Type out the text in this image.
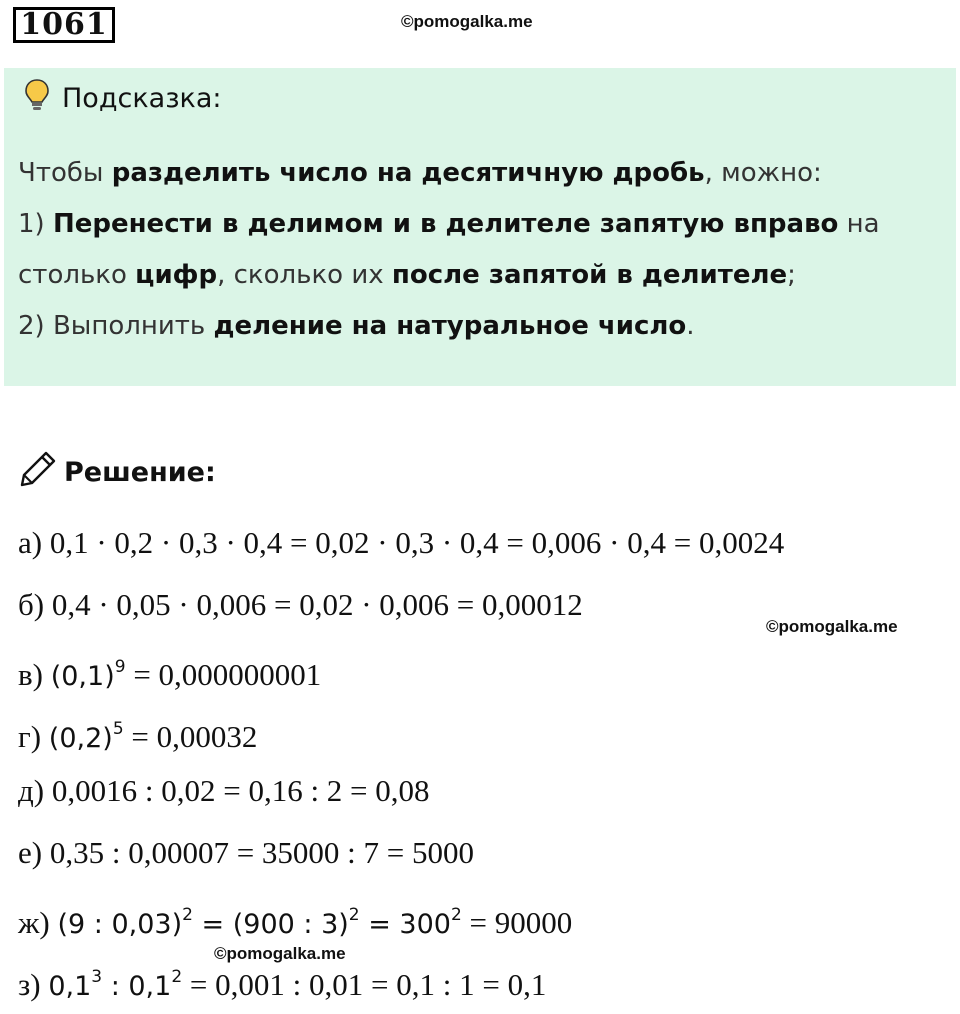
1061	©pomogalka.me
Подсказка:
Чтобы разделить число на десятичную дробь, можно:
1) Перенести в делимом и в делителе запятую вправо на
столько цифр, сколько их после запятой в делителе;
2) Выполнить деление на натуральное число.
Решение:
а) 0,1 · 0,2 · 0,3 · 0,4 = 0,02 · 0,3 · 0,4 = 0,006 · 0,4 = 0,0024
б) 0,4 · 0,05 · 0,006 = 0,02 · 0,006 = 0,00012
в) $(0,1)^9 = 0,000000001$
г) $(0,2)^5 = 0,00032$
д) 0,0016 : 0,02 = 0,16 : 2 = 0,08
е) 0,35 : 0,00007 = 35000 : 7 = 5000
ж) (9 : 0,03)$^2$ = (900 : $3)^2 = 300^2 = 90000$
з) $0,1^3$ : $0,1^2 = 0,001$ : 0,01 = 0,1 : 1 = 0,1
©pomogalka.me
©pomogalka.me
